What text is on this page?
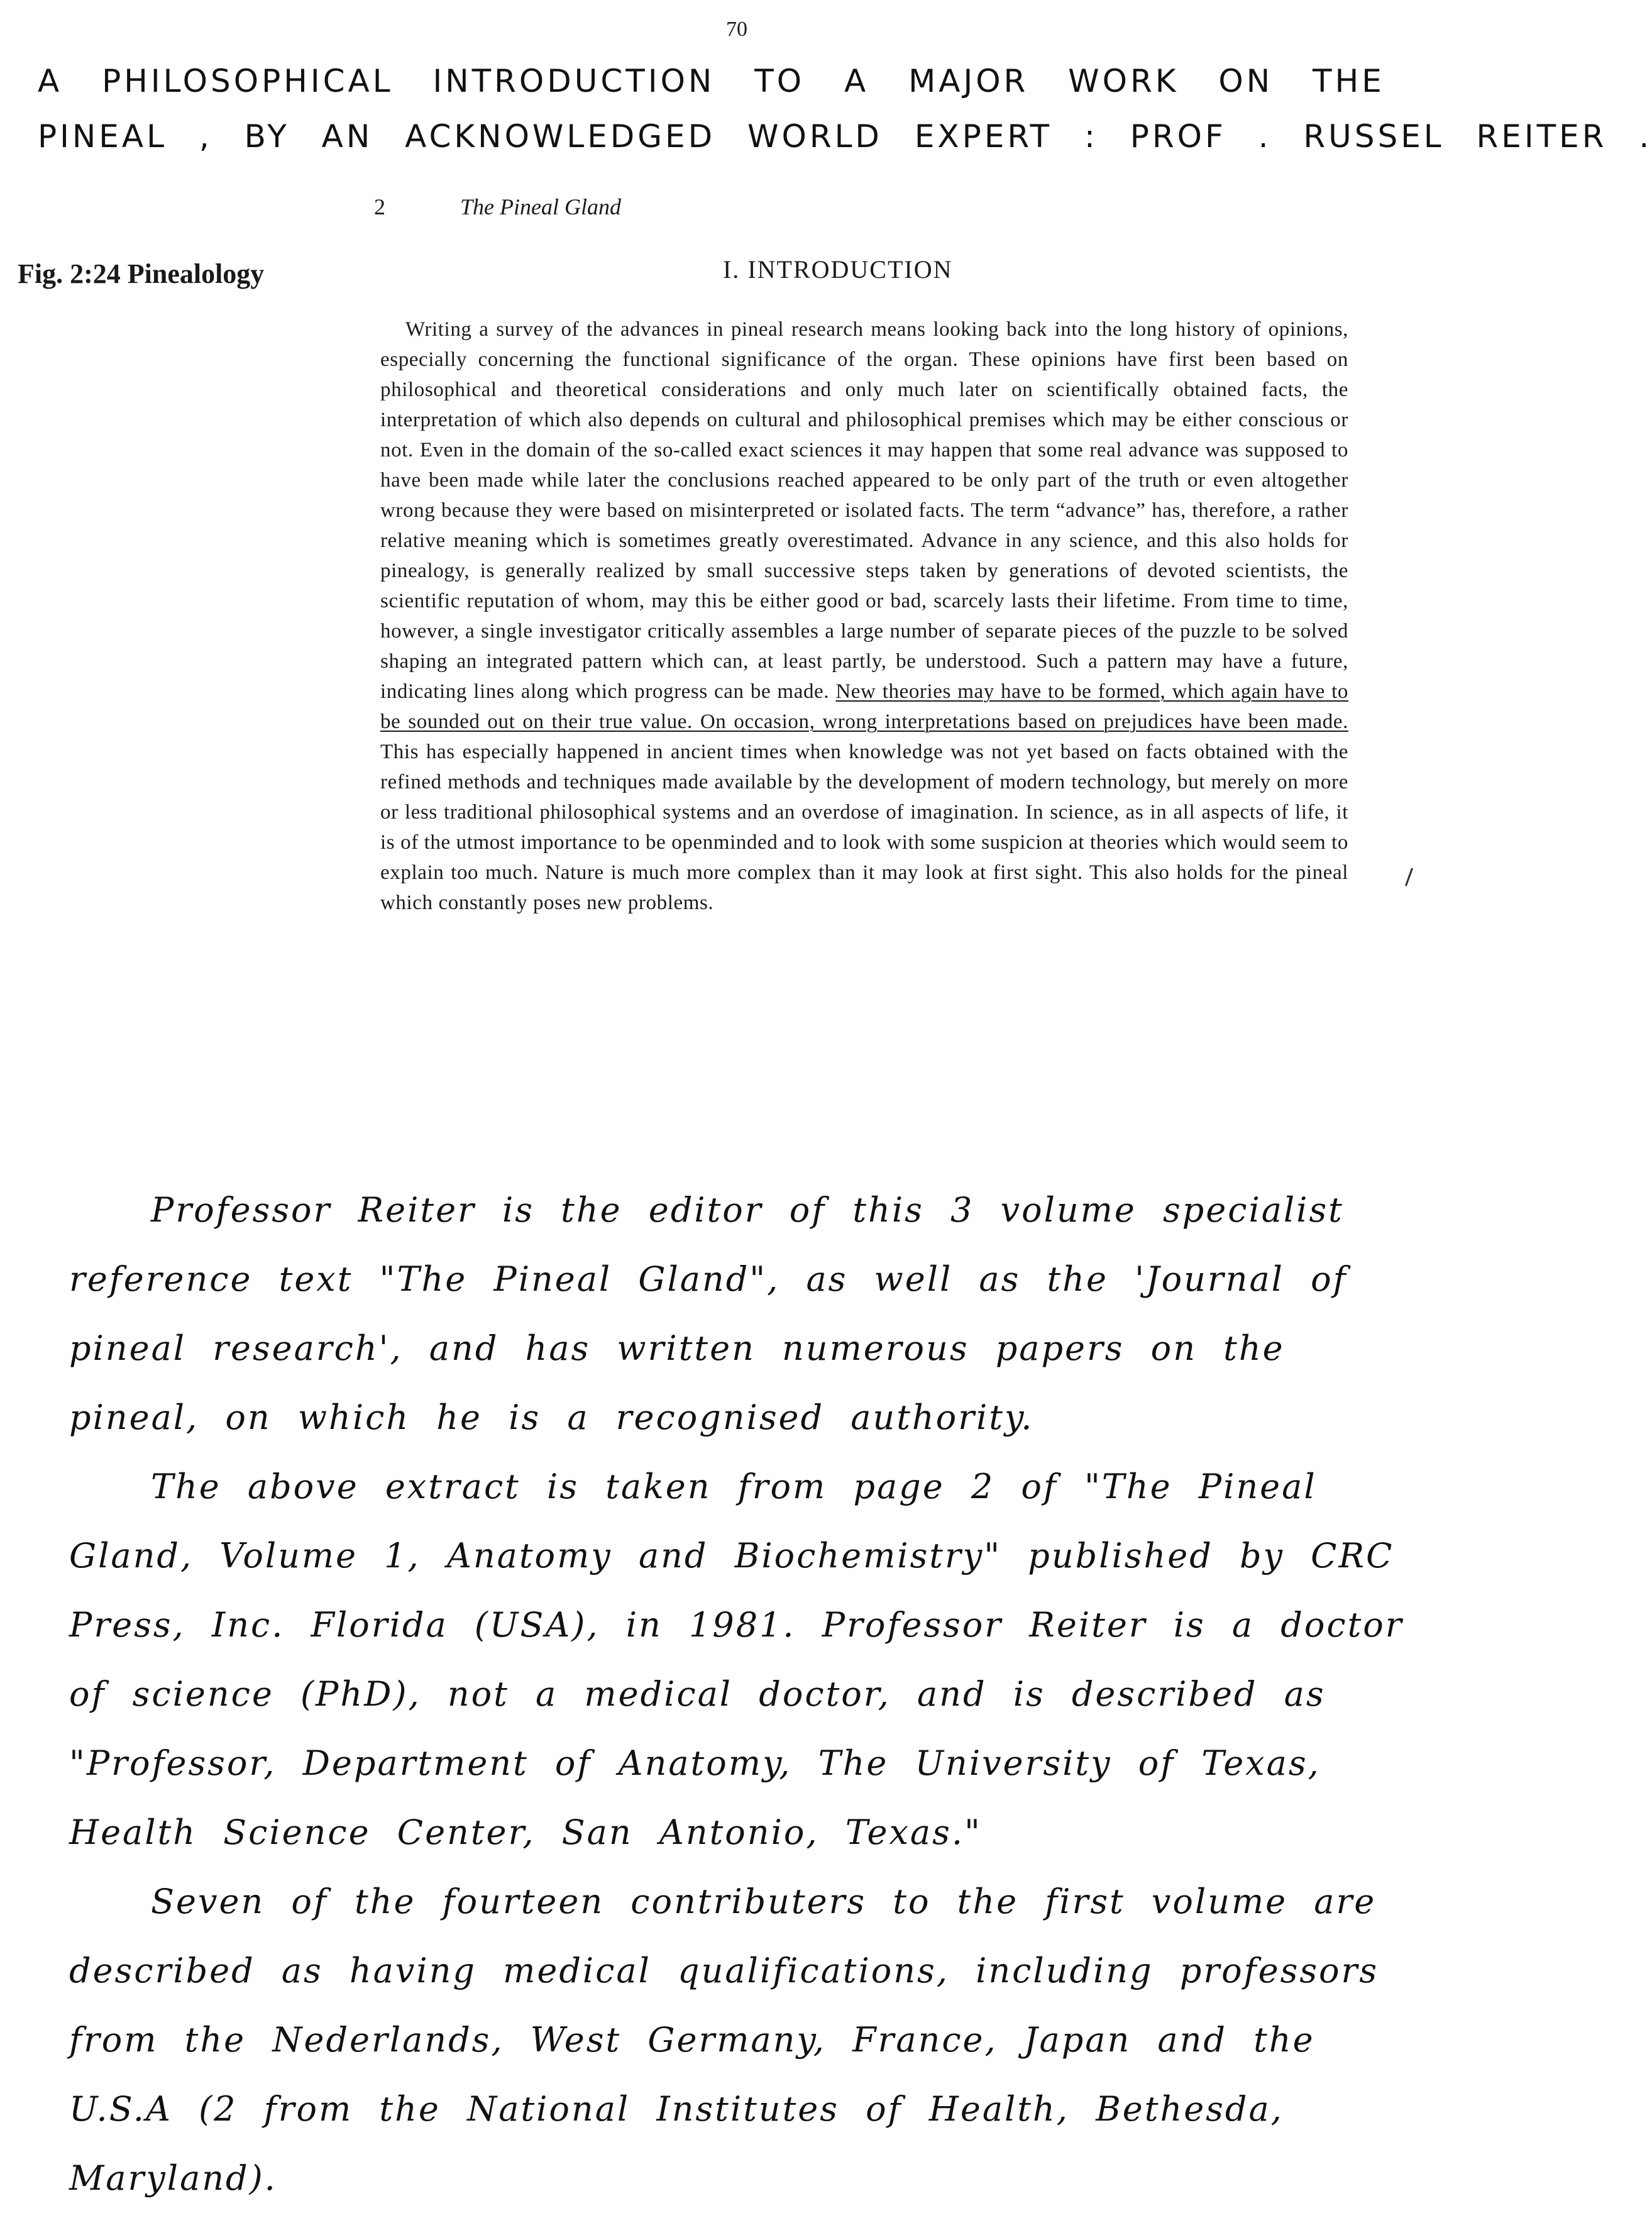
70
A PHILOSOPHICAL INTRODUCTION TO A MAJOR WORK ON THE
PINEAL , BY AN ACKNOWLEDGED WORLD EXPERT : PROF . RUSSEL REITER .
2	The Pineal Gland
Fig. 2:24 Pinealology	I. INTRODUCTION
Writing a survey of the advances in pineal research means looking back into the long history of opinions, especially concerning the functional significance of the organ. These opinions have first been based on philosophical and theoretical considerations and only much later on scientifically obtained facts, the interpretation of which also depends on cultural and philosophical premises which may be either conscious or not. Even in the domain of the so-called exact sciences it may happen that some real advance was supposed to have been made while later the conclusions reached appeared to be only part of the truth or even altogether wrong because they were based on misinterpreted or isolated facts. The term “advance” has, therefore, a rather relative meaning which is sometimes greatly overestimated. Advance in any science, and this also holds for pinealogy, is generally realized by small successive steps taken by generations of devoted scientists, the scientific reputation of whom, may this be either good or bad, scarcely lasts their lifetime. From time to time, however, a single investigator critically assembles a large number of separate pieces of the puzzle to be solved shaping an integrated pattern which can, at least partly, be understood. Such a pattern may have a future, indicating lines along which progress can be made. New theories may have to be formed, which again have to be sounded out on their true value. On occasion, wrong interpretations based on prejudices have been made. This has especially happened in ancient times when knowledge was not yet based on facts obtained with the refined methods and techniques made available by the development of modern technology, but merely on more or less traditional philosophical systems and an overdose of imagination. In science, as in all aspects of life, it is of the utmost importance to be openminded and to look with some suspicion at theories which would seem to explain too much. Nature is much more complex than it may look at first sight. This also holds for the pineal which constantly poses new problems.

Professor Reiter is the editor of this 3 volume specialist reference text "The Pineal Gland", as well as the 'Journal of pineal research', and has written numerous papers on the pineal, on which he is a recognised authority.

The above extract is taken from page 2 of "The Pineal Gland, Volume 1, Anatomy and Biochemistry" published by CRC Press, Inc. Florida (USA), in 1981. Professor Reiter is a doctor of science (PhD), not a medical doctor, and is described as "Professor, Department of Anatomy, The University of Texas, Health Science Center, San Antonio, Texas."

Seven of the fourteen contributers to the first volume are described as having medical qualifications, including professors from the Nederlands, West Germany, France, Japan and the U.S.A (2 from the National Institutes of Health, Bethesda, Maryland).
